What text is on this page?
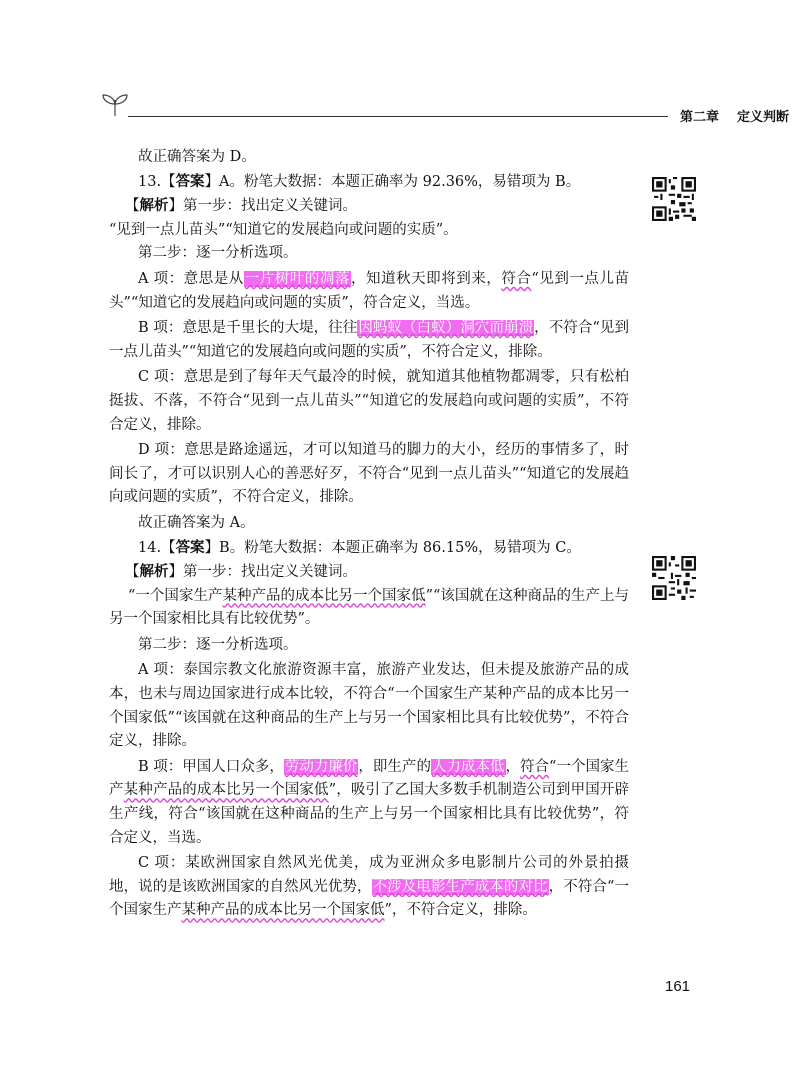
第二章 定义判断

故正确答案为 D。

13.【答案】A。粉笔大数据：本题正确率为 92.36%，易错项为 B。

【解析】第一步：找出定义关键词。

“见到一点儿苗头”“知道它的发展趋向或问题的实质”。

第二步：逐一分析选项。

A 项：意思是从一片树叶的凋落，知道秋天即将到来，符合“见到一点儿苗头”“知道它的发展趋向或问题的实质”，符合定义，当选。

B 项：意思是千里长的大堤，往往因蚂蚁（白蚁）洞穴而崩溃，不符合“见到一点儿苗头”“知道它的发展趋向或问题的实质”，不符合定义，排除。

C 项：意思是到了每年天气最冷的时候，就知道其他植物都凋零，只有松柏挺拔、不落，不符合“见到一点儿苗头”“知道它的发展趋向或问题的实质”，不符合定义，排除。

D 项：意思是路途遥远，才可以知道马的脚力的大小，经历的事情多了，时间长了，才可以识别人心的善恶好歹，不符合“见到一点儿苗头”“知道它的发展趋向或问题的实质”，不符合定义，排除。

故正确答案为 A。

14.【答案】B。粉笔大数据：本题正确率为 86.15%，易错项为 C。

【解析】第一步：找出定义关键词。

“一个国家生产某种产品的成本比另一个国家低”“该国就在这种商品的生产上与另一个国家相比具有比较优势”。

第二步：逐一分析选项。

A 项：泰国宗教文化旅游资源丰富，旅游产业发达，但未提及旅游产品的成本，也未与周边国家进行成本比较，不符合“一个国家生产某种产品的成本比另一个国家低”“该国就在这种商品的生产上与另一个国家相比具有比较优势”，不符合定义，排除。

B 项：甲国人口众多，劳动力廉价，即生产的人力成本低，符合“一个国家生产某种产品的成本比另一个国家低”，吸引了乙国大多数手机制造公司到甲国开辟生产线，符合“该国就在这种商品的生产上与另一个国家相比具有比较优势”，符合定义，当选。

C 项：某欧洲国家自然风光优美，成为亚洲众多电影制片公司的外景拍摄地，说的是该欧洲国家的自然风光优势，不涉及电影生产成本的对比，不符合“一个国家生产某种产品的成本比另一个国家低”，不符合定义，排除。

161
